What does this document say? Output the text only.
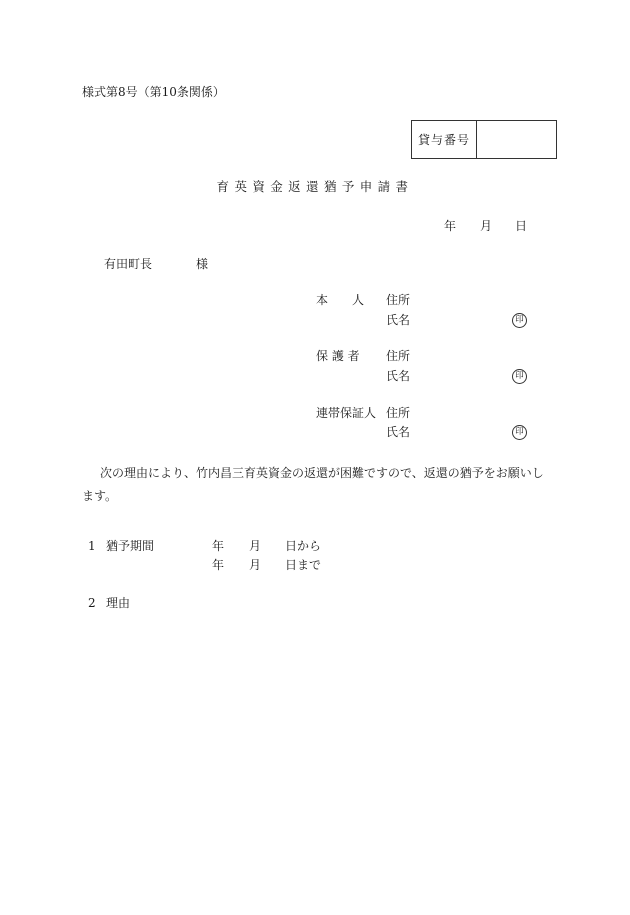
様式第8号（第10条関係）
貸与番号
育英資金返還猶予申請書
年 月 日
有田町長	様
本　　人 住所
氏名	印
保 護 者 住所
氏名	印
連帯保証人 住所
氏名	印
次の理由により、竹内昌三育英資金の返還が困難ですので、返還の猶予をお願いします。
1 猶予期間	年 月 日から
年 月 日まで
2 理由
